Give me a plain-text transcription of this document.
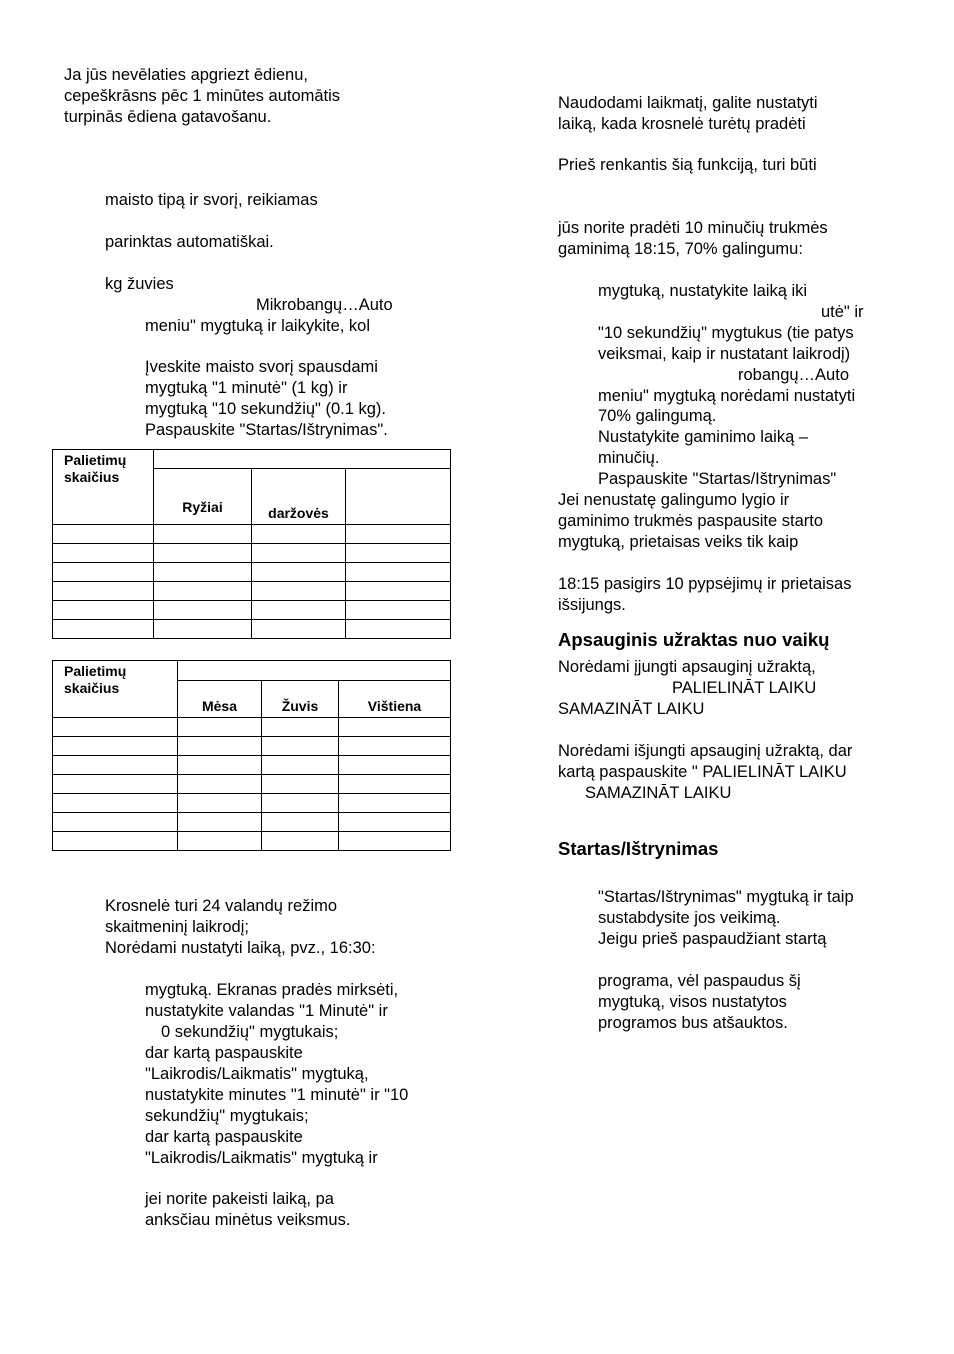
Ja jūs nevēlaties apgriezt ēdienu,
cepeškrāsns pēc 1 minūtes automātis
turpinās ēdiena gatavošanu.
maisto tipą ir svorį, reikiamas
parinktas automatiškai.
kg žuvies
Mikrobangų…Auto
meniu" mygtuką ir laikykite, kol
Įveskite maisto svorį spausdami
mygtuką "1 minutė" (1 kg) ir
mygtuką "10 sekundžių" (0.1 kg).
Paspauskite "Startas/Ištrynimas".
Palietimų
skaičius			

	Ryžiai	daržovės	

Palietimų
skaičius			

	Mėsa	Žuvis	Vištiena

Krosnelė turi 24 valandų režimo
skaitmeninį laikrodį;
Norėdami nustatyti laiką, pvz., 16:30:
mygtuką. Ekranas pradės mirksėti,
nustatykite valandas "1 Minutė" ir
0 sekundžių" mygtukais;
dar kartą paspauskite
"Laikrodis/Laikmatis" mygtuką,
nustatykite minutes "1 minutė" ir "10
sekundžių" mygtukais;
dar kartą paspauskite
"Laikrodis/Laikmatis" mygtuką ir
jei norite pakeisti laiką, pa
anksčiau minėtus veiksmus.
Naudodami laikmatį, galite nustatyti
laiką, kada krosnelė turėtų pradėti
Prieš renkantis šią funkciją, turi būti
jūs norite pradėti 10 minučių trukmės
gaminimą 18:15, 70% galingumu:
mygtuką, nustatykite laiką iki
utė" ir
"10 sekundžių" mygtukus (tie patys
veiksmai, kaip ir nustatant laikrodį)
robangų…Auto
meniu" mygtuką norėdami nustatyti
70% galingumą.
Nustatykite gaminimo laiką –
minučių.
Paspauskite "Startas/Ištrynimas"
Jei nenustatę galingumo lygio ir
gaminimo trukmės paspausite starto
mygtuką, prietaisas veiks tik kaip
18:15 pasigirs 10 pypsėjimų ir prietaisas
išsijungs.
Apsauginis užraktas nuo vaikų
Norėdami įjungti apsauginį užraktą,
PALIELINĀT LAIKU
SAMAZINĀT LAIKU
Norėdami išjungti apsauginį užraktą, dar
kartą paspauskite " PALIELINĀT LAIKU
SAMAZINĀT LAIKU
Startas/Ištrynimas
"Startas/Ištrynimas" mygtuką ir taip
sustabdysite jos veikimą.
Jeigu prieš paspaudžiant startą
programa, vėl paspaudus šį
mygtuką, visos nustatytos
programos bus atšauktos.
